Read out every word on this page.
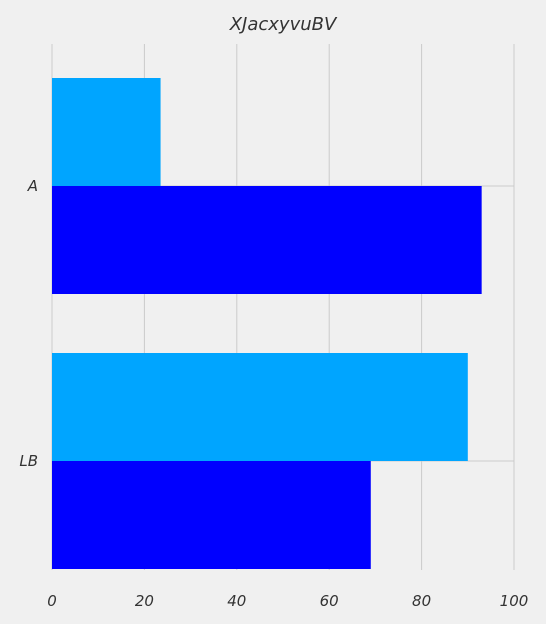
XJacxyvuBV
0	20	40	60	80	100
A
LB
